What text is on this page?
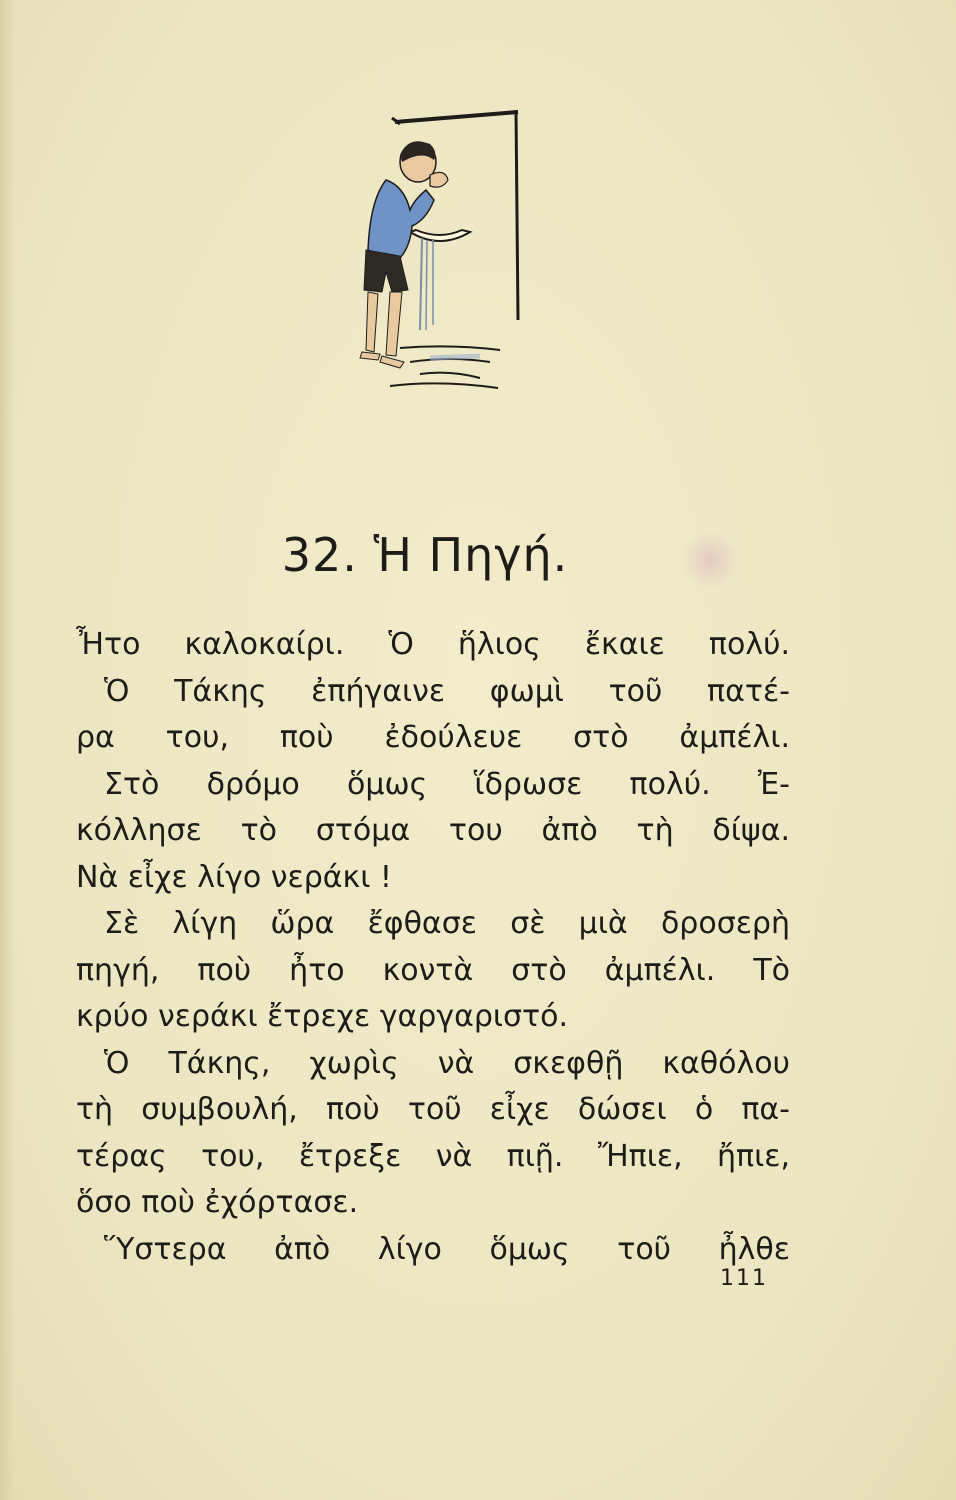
32. Ἡ Πηγή.
Ἦτο καλοκαίρι. Ὁ ἥλιος ἔκαιε πολύ.
Ὁ Τάκης ἐπήγαινε φωμὶ τοῦ πατέ-
ρα του, ποὺ ἐδούλευε στὸ ἀμπέλι.
Στὸ δρόμο ὅμως ἵδρωσε πολύ. Ἐ-
κόλλησε τὸ στόμα του ἀπὸ τὴ δίψα.
Νὰ εἶχε λίγο νεράκι !
Σὲ λίγη ὥρα ἔφθασε σὲ μιὰ δροσερὴ
πηγή, ποὺ ἦτο κοντὰ στὸ ἀμπέλι. Τὸ
κρύο νεράκι ἔτρεχε γαργαριστό.
Ὁ Τάκης, χωρὶς νὰ σκεφθῇ καθόλου
τὴ συμβουλή, ποὺ τοῦ εἶχε δώσει ὁ πα-
τέρας του, ἔτρεξε νὰ πιῇ. Ἤπιε, ἤπιε,
ὅσο ποὺ ἐχόρτασε.
Ὕστερα ἀπὸ λίγο ὅμως τοῦ ἦλθε
111
